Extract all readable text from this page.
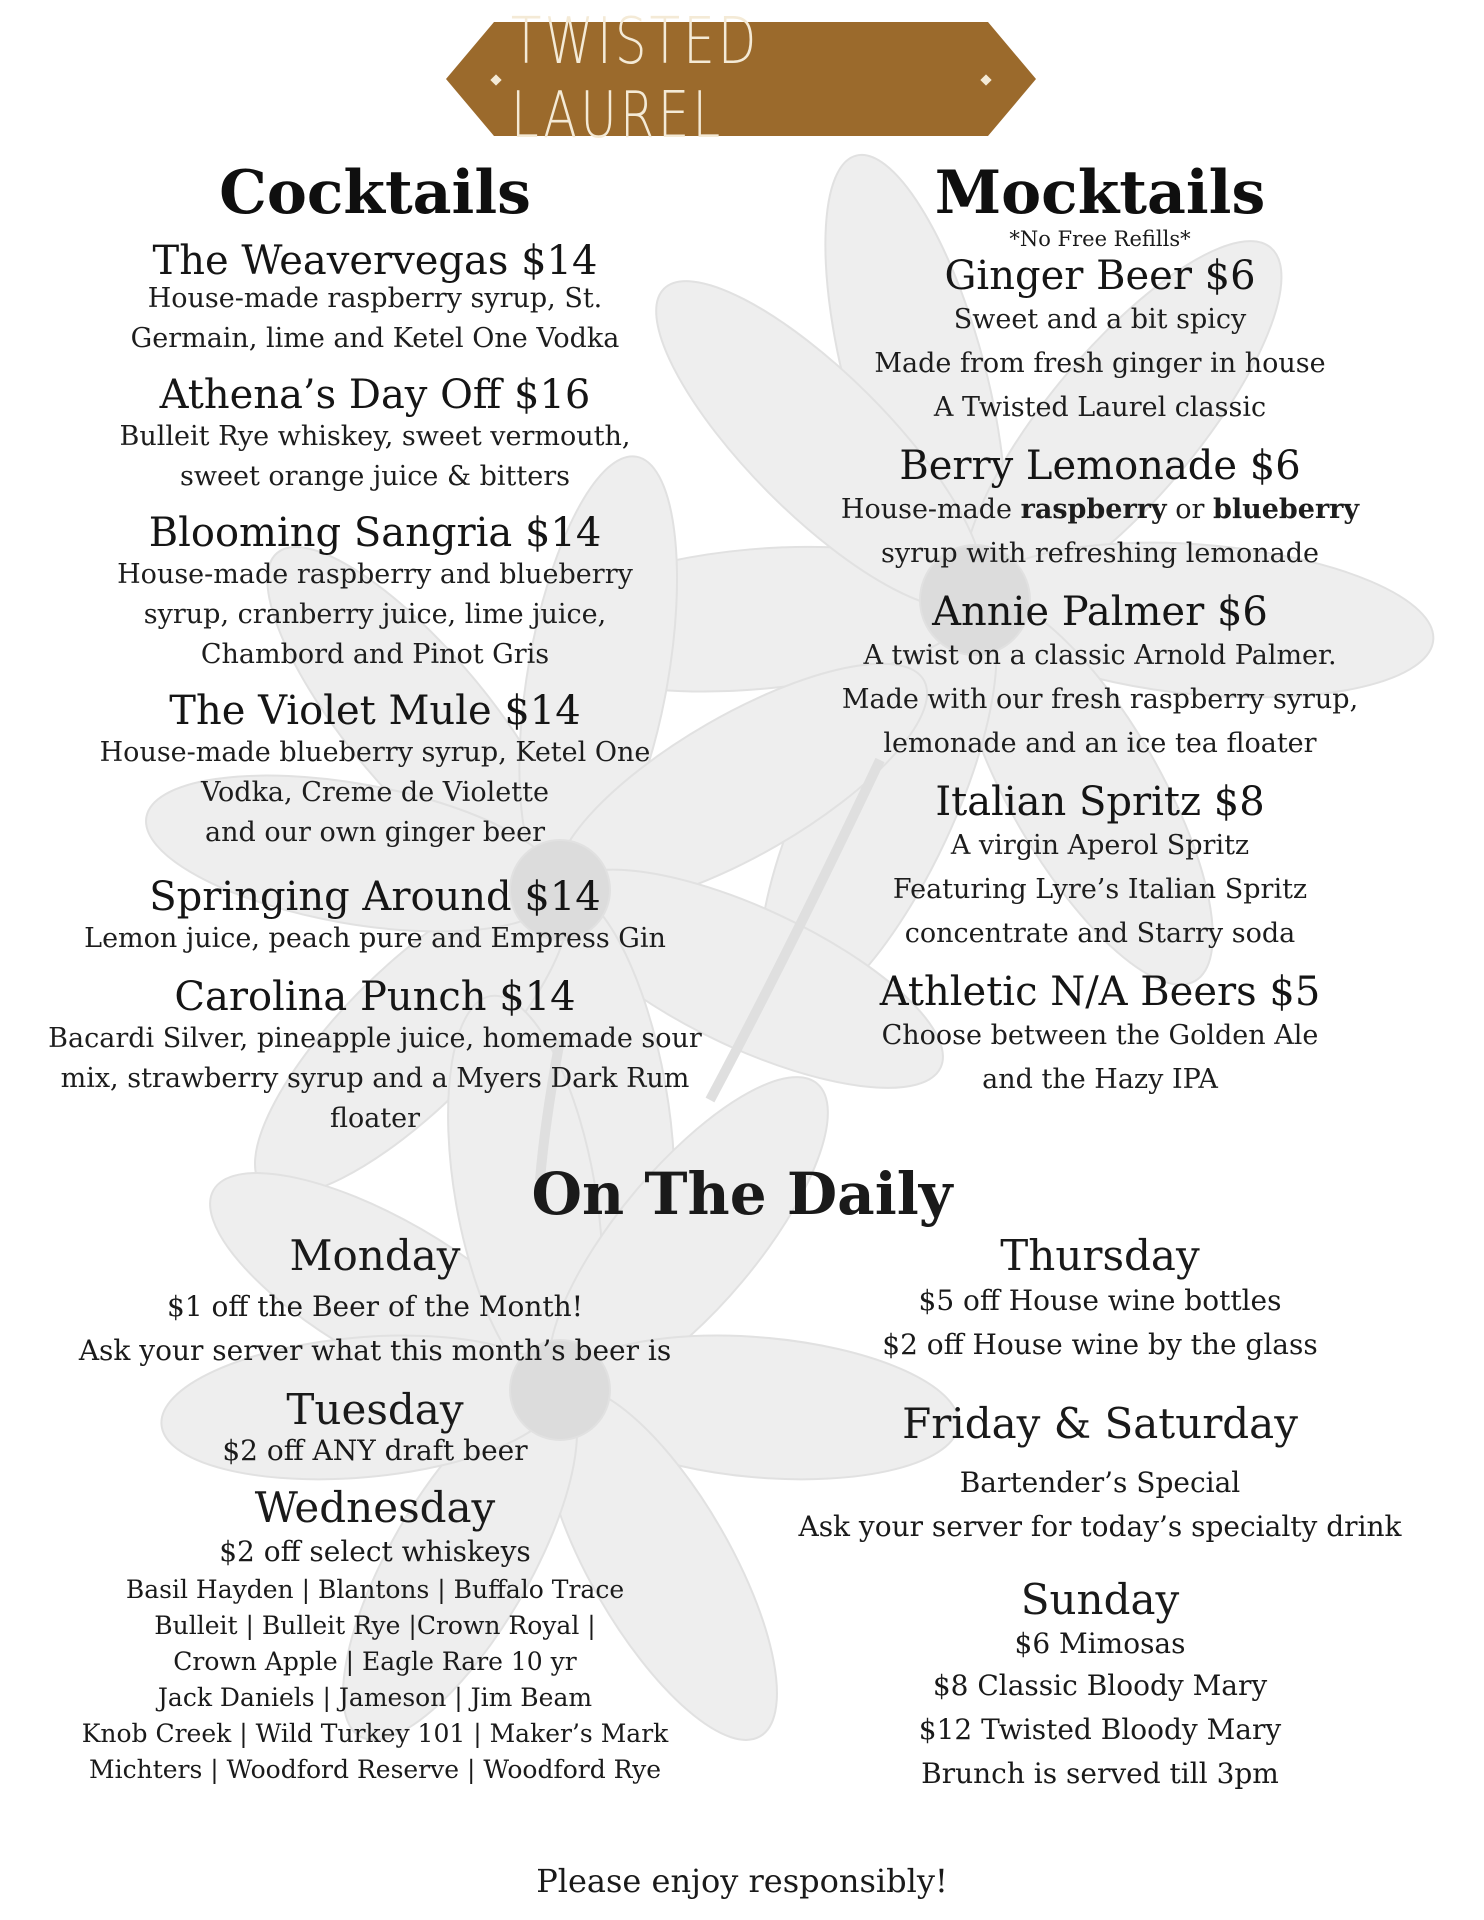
TWISTED LAUREL
Cocktails

The Weavervegas $14

House-made raspberry syrup, St.

Germain, lime and Ketel One Vodka

Athena’s Day Off $16

Bulleit Rye whiskey, sweet vermouth,

sweet orange juice & bitters

Blooming Sangria $14

House-made raspberry and blueberry

syrup, cranberry juice, lime juice,

Chambord and Pinot Gris

The Violet Mule $14

House-made blueberry syrup, Ketel One

Vodka, Creme de Violette

and our own ginger beer

Springing Around $14

Lemon juice, peach pure and Empress Gin

Carolina Punch $14

Bacardi Silver, pineapple juice, homemade sour

mix, strawberry syrup and a Myers Dark Rum

floater

Mocktails

*No Free Refills*

Ginger Beer $6

Sweet and a bit spicy

Made from fresh ginger in house

A Twisted Laurel classic

Berry Lemonade $6

House-made raspberry or blueberry

syrup with refreshing lemonade

Annie Palmer $6

A twist on a classic Arnold Palmer.

Made with our fresh raspberry syrup,

lemonade and an ice tea floater

Italian Spritz $8

A virgin Aperol Spritz

Featuring Lyre’s Italian Spritz

concentrate and Starry soda

Athletic N/A Beers $5

Choose between the Golden Ale

and the Hazy IPA

On The Daily

Monday

$1 off the Beer of the Month!

Ask your server what this month’s beer is

Tuesday

$2 off ANY draft beer

Wednesday

$2 off select whiskeys

Basil Hayden | Blantons | Buffalo Trace

Bulleit | Bulleit Rye |Crown Royal |

Crown Apple | Eagle Rare 10 yr

Jack Daniels | Jameson | Jim Beam

Knob Creek | Wild Turkey 101 | Maker’s Mark

Michters | Woodford Reserve | Woodford Rye

Thursday

$5 off House wine bottles

$2 off House wine by the glass

Friday & Saturday

Bartender’s Special

Ask your server for today’s specialty drink

Sunday

$6 Mimosas

$8 Classic Bloody Mary

$12 Twisted Bloody Mary

Brunch is served till 3pm

Please enjoy responsibly!
